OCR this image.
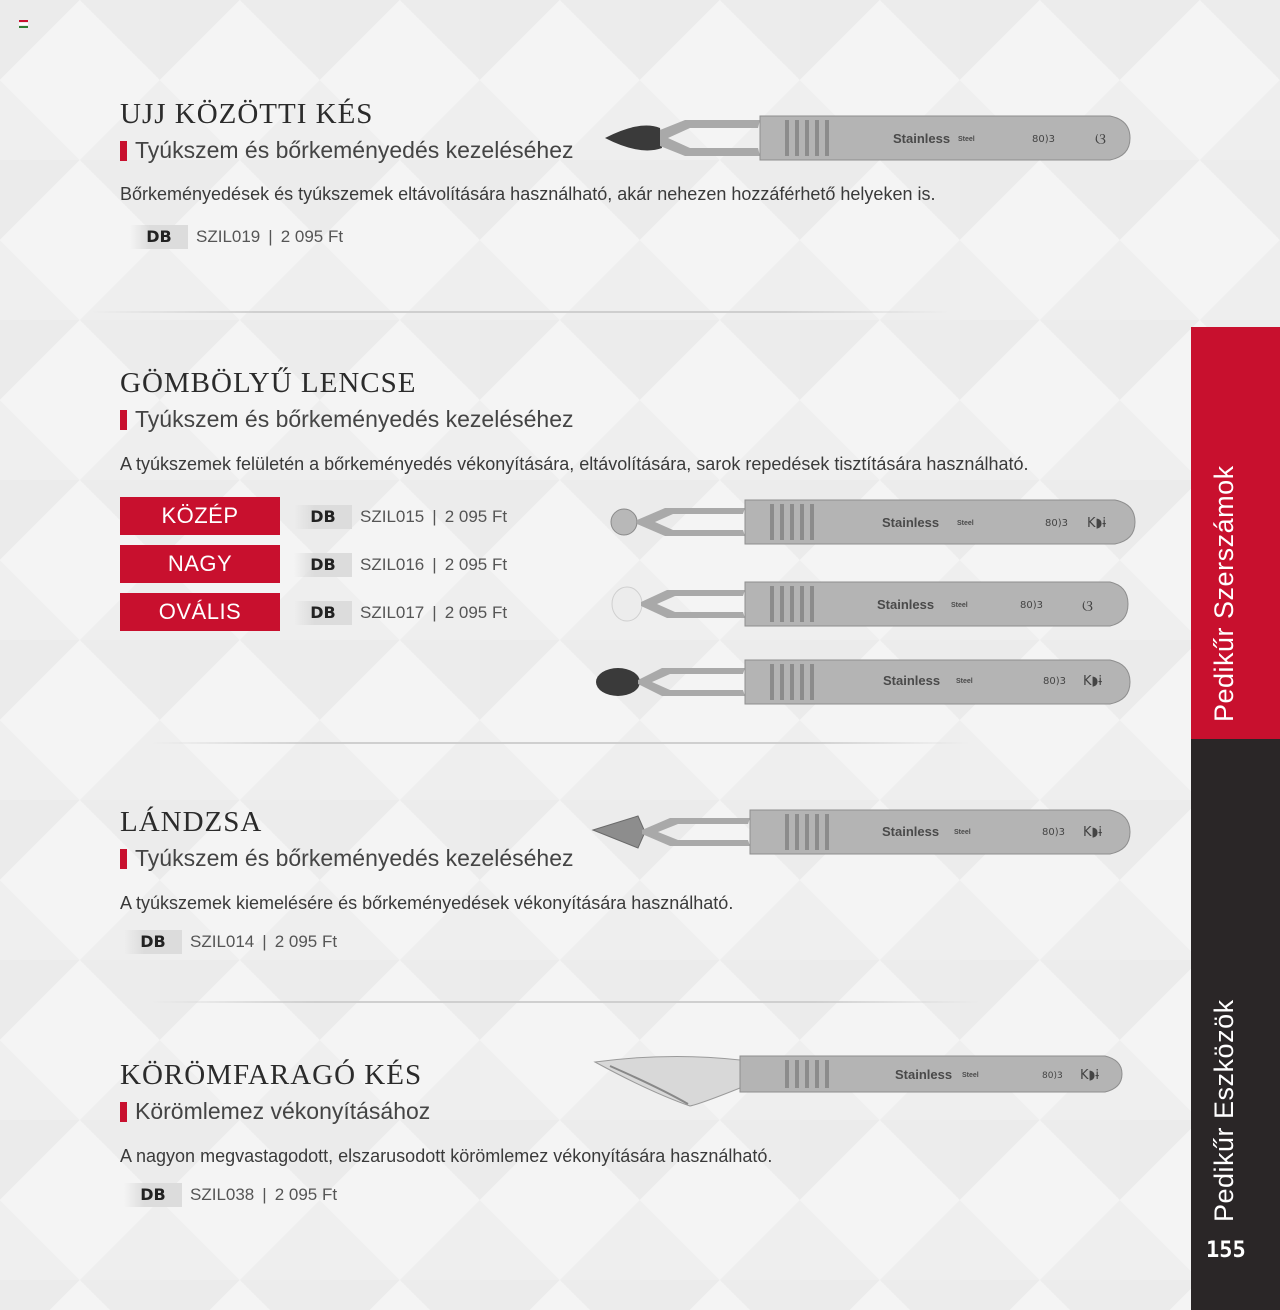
UJJ KÖZÖTTI KÉS
Tyúkszem és bőrkeményedés kezeléséhez
Bőrkeményedések és tyúkszemek eltávolítására használható, akár nehezen hozzáférhető helyeken is.
DB	SZIL019 | 2 095 Ft
Stainless Steel	80)3	ଓ
GÖMBÖLYŰ LENCSE
Tyúkszem és bőrkeményedés kezeléséhez
A tyúkszemek felületén a bőrkeményedés vékonyítására, eltávolítására, sarok repedések tisztítására használható.
KÖZÉP
NAGY
OVÁLIS
DB	SZIL015 | 2 095 Ft
DB	SZIL016 | 2 095 Ft
DB	SZIL017 | 2 095 Ft
Stainless	Steel	80)3 K◗ɨ
Stainless Steel	80)3 ଓ
Stainless Steel	80)3 K◗ɨ
LÁNDZSA
Tyúkszem és bőrkeményedés kezeléséhez
A tyúkszemek kiemelésére és bőrkeményedések vékonyítására használható.
DB	SZIL014 | 2 095 Ft
Stainless Steel	80)3 K◗ɨ
KÖRÖMFARAGÓ KÉS
Körömlemez vékonyításához
A nagyon megvastagodott, elszarusodott körömlemez vékonyítására használható.
DB	SZIL038 | 2 095 Ft
Stainless Steel	80)3 K◗ɨ
Pedikűr Szerszámok
Pedikűr Eszközök
155
